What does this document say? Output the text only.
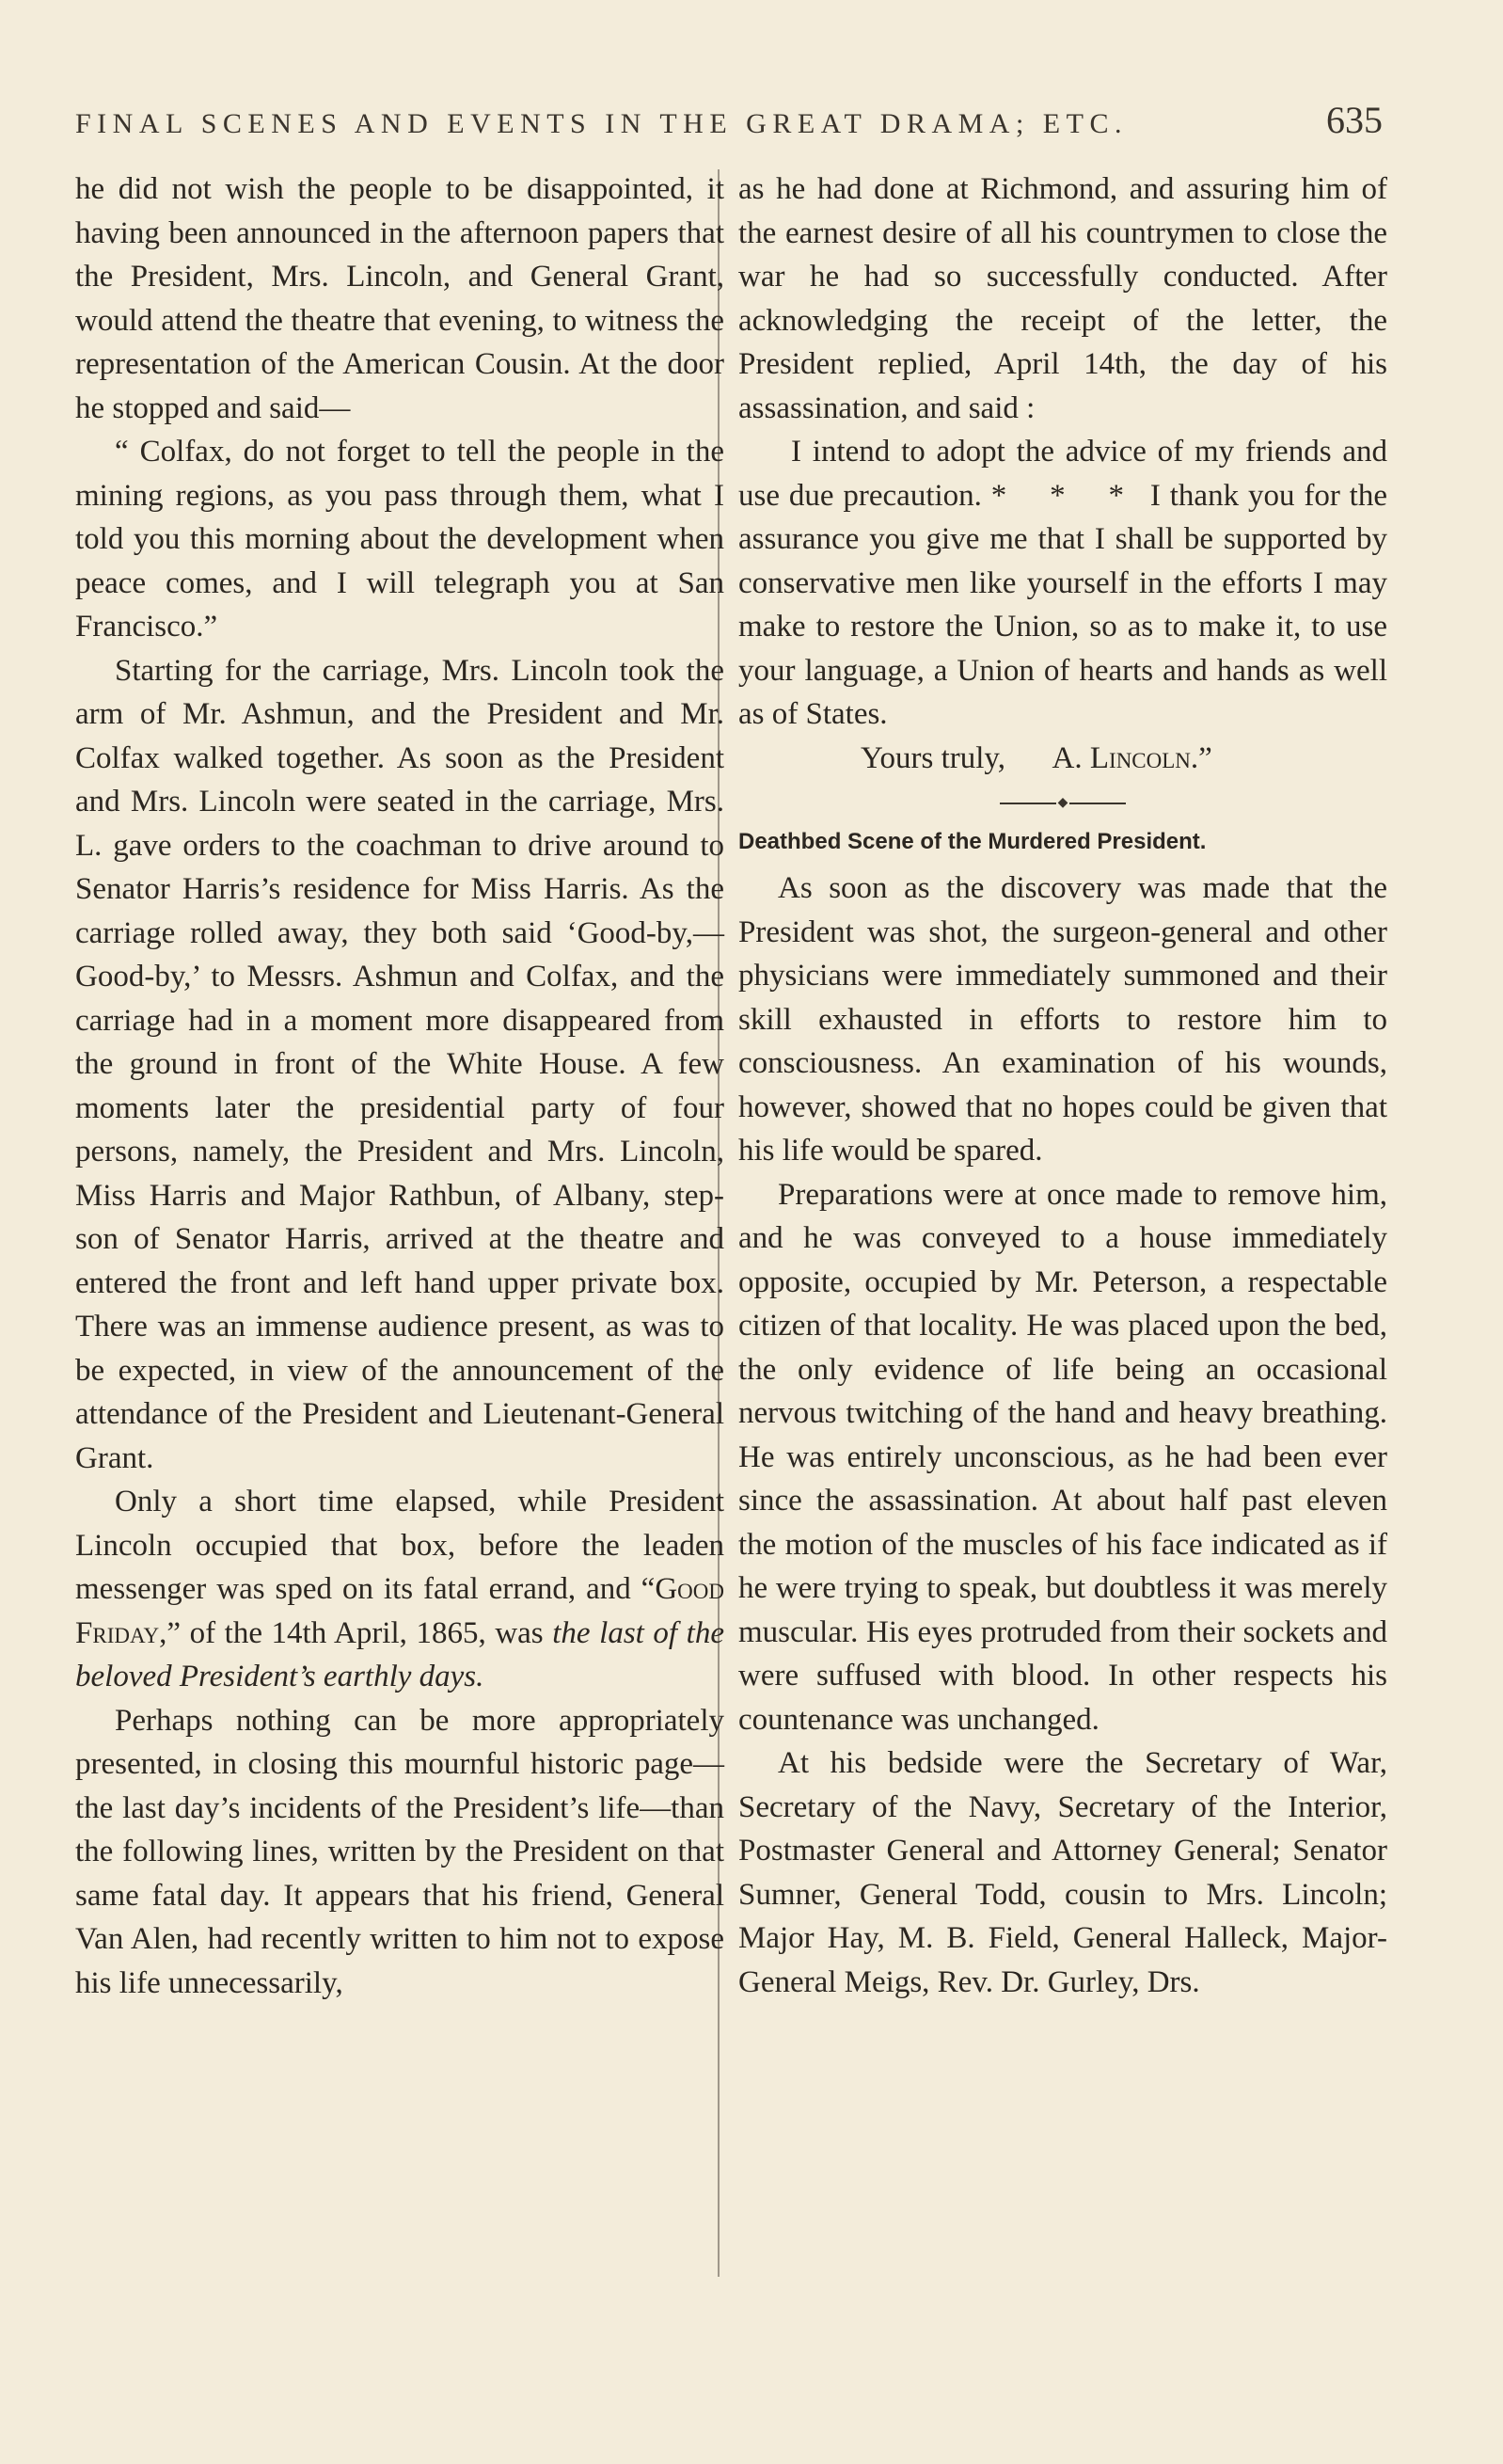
FINAL SCENES AND EVENTS IN THE GREAT DRAMA; ETC.	635

he did not wish the people to be disappointed, it having been announced in the afternoon papers that the President, Mrs. Lincoln, and General Grant, would attend the theatre that evening, to witness the representation of the American Cousin. At the door he stopped and said—

“ Colfax, do not forget to tell the people in the mining regions, as you pass through them, what I told you this morning about the development when peace comes, and I will telegraph you at San Francisco.”

Starting for the carriage, Mrs. Lincoln took the arm of Mr. Ashmun, and the President and Mr. Colfax walked together. As soon as the President and Mrs. Lincoln were seated in the carriage, Mrs. L. gave orders to the coachman to drive around to Senator Harris’s residence for Miss Harris. As the carriage rolled away, they both said ‘Good-by,—Good-by,’ to Messrs. Ashmun and Colfax, and the carriage had in a moment more disappeared from the ground in front of the White House. A few moments later the presidential party of four persons, namely, the President and Mrs. Lincoln, Miss Harris and Major Rathbun, of Albany, step-son of Senator Harris, arrived at the theatre and entered the front and left hand upper private box. There was an immense audience present, as was to be expected, in view of the announcement of the attendance of the President and Lieutenant-General Grant.

Only a short time elapsed, while President Lincoln occupied that box, before the leaden messenger was sped on its fatal errand, and “Good Friday,” of the 14th April, 1865, was the last of the beloved President’s earthly days.

Perhaps nothing can be more appropriately presented, in closing this mournful historic page—the last day’s incidents of the President’s life—than the following lines, written by the President on that same fatal day. It appears that his friend, General Van Alen, had recently written to him not to expose his life unnecessarily,

as he had done at Richmond, and assuring him of the earnest desire of all his countrymen to close the war he had so successfully conducted. After acknowledging the receipt of the letter, the President replied, April 14th, the day of his assassination, and said :

I intend to adopt the advice of my friends and use due precaution. * * * I thank you for the assurance you give me that I shall be supported by conservative men like yourself in the efforts I may make to restore the Union, so as to make it, to use your language, a Union of hearts and hands as well as of States.

Yours truly, A. Lincoln.”

◆

Deathbed Scene of the Murdered President.

As soon as the discovery was made that the President was shot, the surgeon-general and other physicians were immediately summoned and their skill exhausted in efforts to restore him to consciousness. An examination of his wounds, however, showed that no hopes could be given that his life would be spared.

Preparations were at once made to remove him, and he was conveyed to a house immediately opposite, occupied by Mr. Peterson, a respectable citizen of that locality. He was placed upon the bed, the only evidence of life being an occasional nervous twitching of the hand and heavy breathing. He was entirely unconscious, as he had been ever since the assassination. At about half past eleven the motion of the muscles of his face indicated as if he were trying to speak, but doubtless it was merely muscular. His eyes protruded from their sockets and were suffused with blood. In other respects his countenance was unchanged.

At his bedside were the Secretary of War, Secretary of the Navy, Secretary of the Interior, Postmaster General and Attorney General; Senator Sumner, General Todd, cousin to Mrs. Lincoln; Major Hay, M. B. Field, General Halleck, Major-General Meigs, Rev. Dr. Gurley, Drs.
